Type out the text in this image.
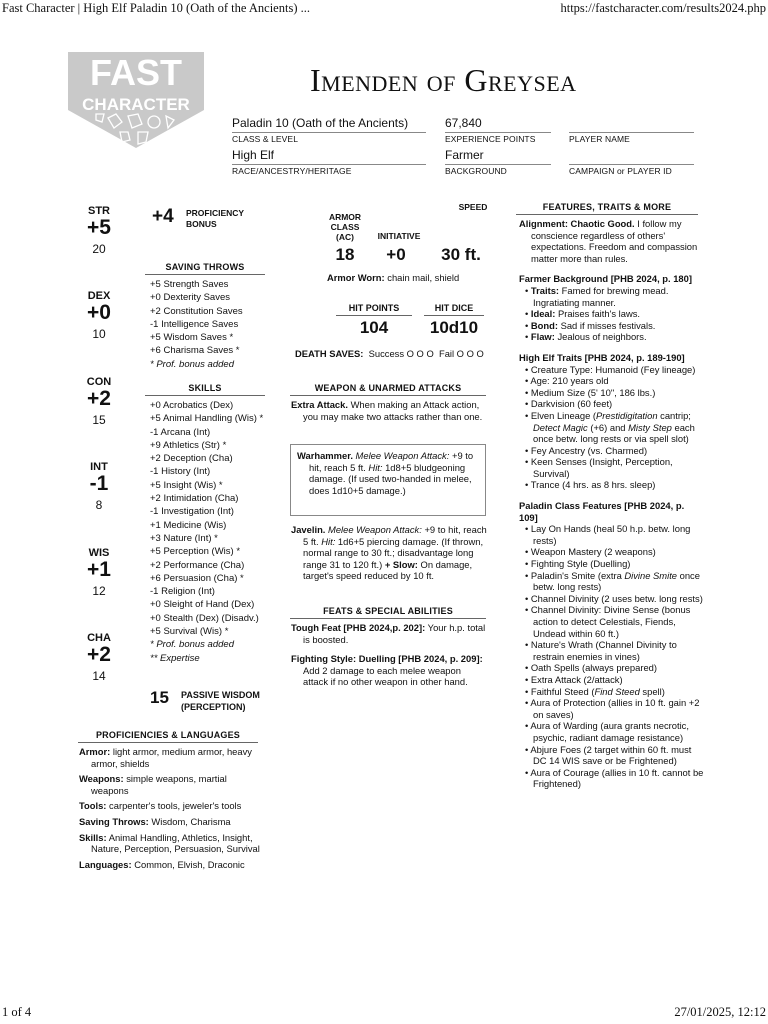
Fast Character | High Elf Paladin 10 (Oath of the Ancients) ...	https://fastcharacter.com/results2024.php
1 of 4	27/01/2025, 12:12
FAST
CHARACTER
Imenden of Greysea
Paladin 10 (Oath of the Ancients)
CLASS & LEVEL
67,840
EXPERIENCE POINTS	PLAYER NAME
High Elf
RACE/ANCESTRY/HERITAGE
Farmer
BACKGROUND	CAMPAIGN or PLAYER ID
STR
+5
20
DEX
+0
10
CON
+2
15
INT
-1
8
WIS
+1
12
CHA
+2
14
+4 PROFICIENCY
BONUS
SAVING THROWS
+5 Strength Saves
+0 Dexterity Saves
+2 Constitution Saves
-1 Intelligence Saves
+5 Wisdom Saves *
+6 Charisma Saves *
* Prof. bonus added
SKILLS
+0 Acrobatics (Dex)
+5 Animal Handling (Wis) *
-1 Arcana (Int)
+9 Athletics (Str) *
+2 Deception (Cha)
-1 History (Int)
+5 Insight (Wis) *
+2 Intimidation (Cha)
-1 Investigation (Int)
+1 Medicine (Wis)
+3 Nature (Int) *
+5 Perception (Wis) *
+2 Performance (Cha)
+6 Persuasion (Cha) *
-1 Religion (Int)
+0 Sleight of Hand (Dex)
+0 Stealth (Dex) (Disadv.)
+5 Survival (Wis) *
* Prof. bonus added
** Expertise
15 PASSIVE WISDOM
(PERCEPTION)
PROFICIENCIES & LANGUAGES
Armor: light armor, medium armor, heavy armor, shields
Weapons: simple weapons, martial weapons
Tools: carpenter's tools, jeweler's tools
Saving Throws: Wisdom, Charisma
Skills: Animal Handling, Athletics, Insight, Nature, Perception, Persuasion, Survival
Languages: Common, Elvish, Draconic
ARMOR CLASS (AC)	INITIATIVE
SPEED
18	+0	30 ft.
Armor Worn: chain mail, shield
HIT POINTS	HIT DICE
104	10d10
DEATH SAVES: Success O O O Fail O O O
WEAPON & UNARMED ATTACKS
Extra Attack. When making an Attack action, you may make two attacks rather than one.
Warhammer. Melee Weapon Attack: +9 to hit, reach 5 ft. Hit: 1d8+5 bludgeoning damage. (If used two-handed in melee, does 1d10+5 damage.)
Javelin. Melee Weapon Attack: +9 to hit, reach 5 ft. Hit: 1d6+5 piercing damage. (If thrown, normal range to 30 ft.; disadvantage long range 31 to 120 ft.) + Slow: On damage, target's speed reduced by 10 ft.
FEATS & SPECIAL ABILITIES
Tough Feat [PHB 2024,p. 202]: Your h.p. total is boosted.
Fighting Style: Duelling [PHB 2024, p. 209]: Add 2 damage to each melee weapon attack if no other weapon in other hand.
FEATURES, TRAITS & MORE
Alignment: Chaotic Good. I follow my conscience regardless of others' expectations. Freedom and compassion matter more than rules.
Farmer Background [PHB 2024, p. 180]
• Traits: Famed for brewing mead. Ingratiating manner.
• Ideal: Praises faith's laws.
• Bond: Sad if misses festivals.
• Flaw: Jealous of neighbors.
High Elf Traits [PHB 2024, p. 189-190]
• Creature Type: Humanoid (Fey lineage)
• Age: 210 years old
• Medium Size (5' 10", 186 lbs.)
• Darkvision (60 feet)
• Elven Lineage (Prestidigitation cantrip; Detect Magic (+6) and Misty Step each once betw. long rests or via spell slot)
• Fey Ancestry (vs. Charmed)
• Keen Senses (Insight, Perception, Survival)
• Trance (4 hrs. as 8 hrs. sleep)
Paladin Class Features [PHB 2024, p. 109]
• Lay On Hands (heal 50 h.p. betw. long rests)
• Weapon Mastery (2 weapons)
• Fighting Style (Duelling)
• Paladin's Smite (extra Divine Smite once betw. long rests)
• Channel Divinity (2 uses betw. long rests)
• Channel Divinity: Divine Sense (bonus action to detect Celestials, Fiends, Undead within 60 ft.)
• Nature's Wrath (Channel Divinity to restrain enemies in vines)
• Oath Spells (always prepared)
• Extra Attack (2/attack)
• Faithful Steed (Find Steed spell)
• Aura of Protection (allies in 10 ft. gain +2 on saves)
• Aura of Warding (aura grants necrotic, psychic, radiant damage resistance)
• Abjure Foes (2 target within 60 ft. must DC 14 WIS save or be Frightened)
• Aura of Courage (allies in 10 ft. cannot be Frightened)
